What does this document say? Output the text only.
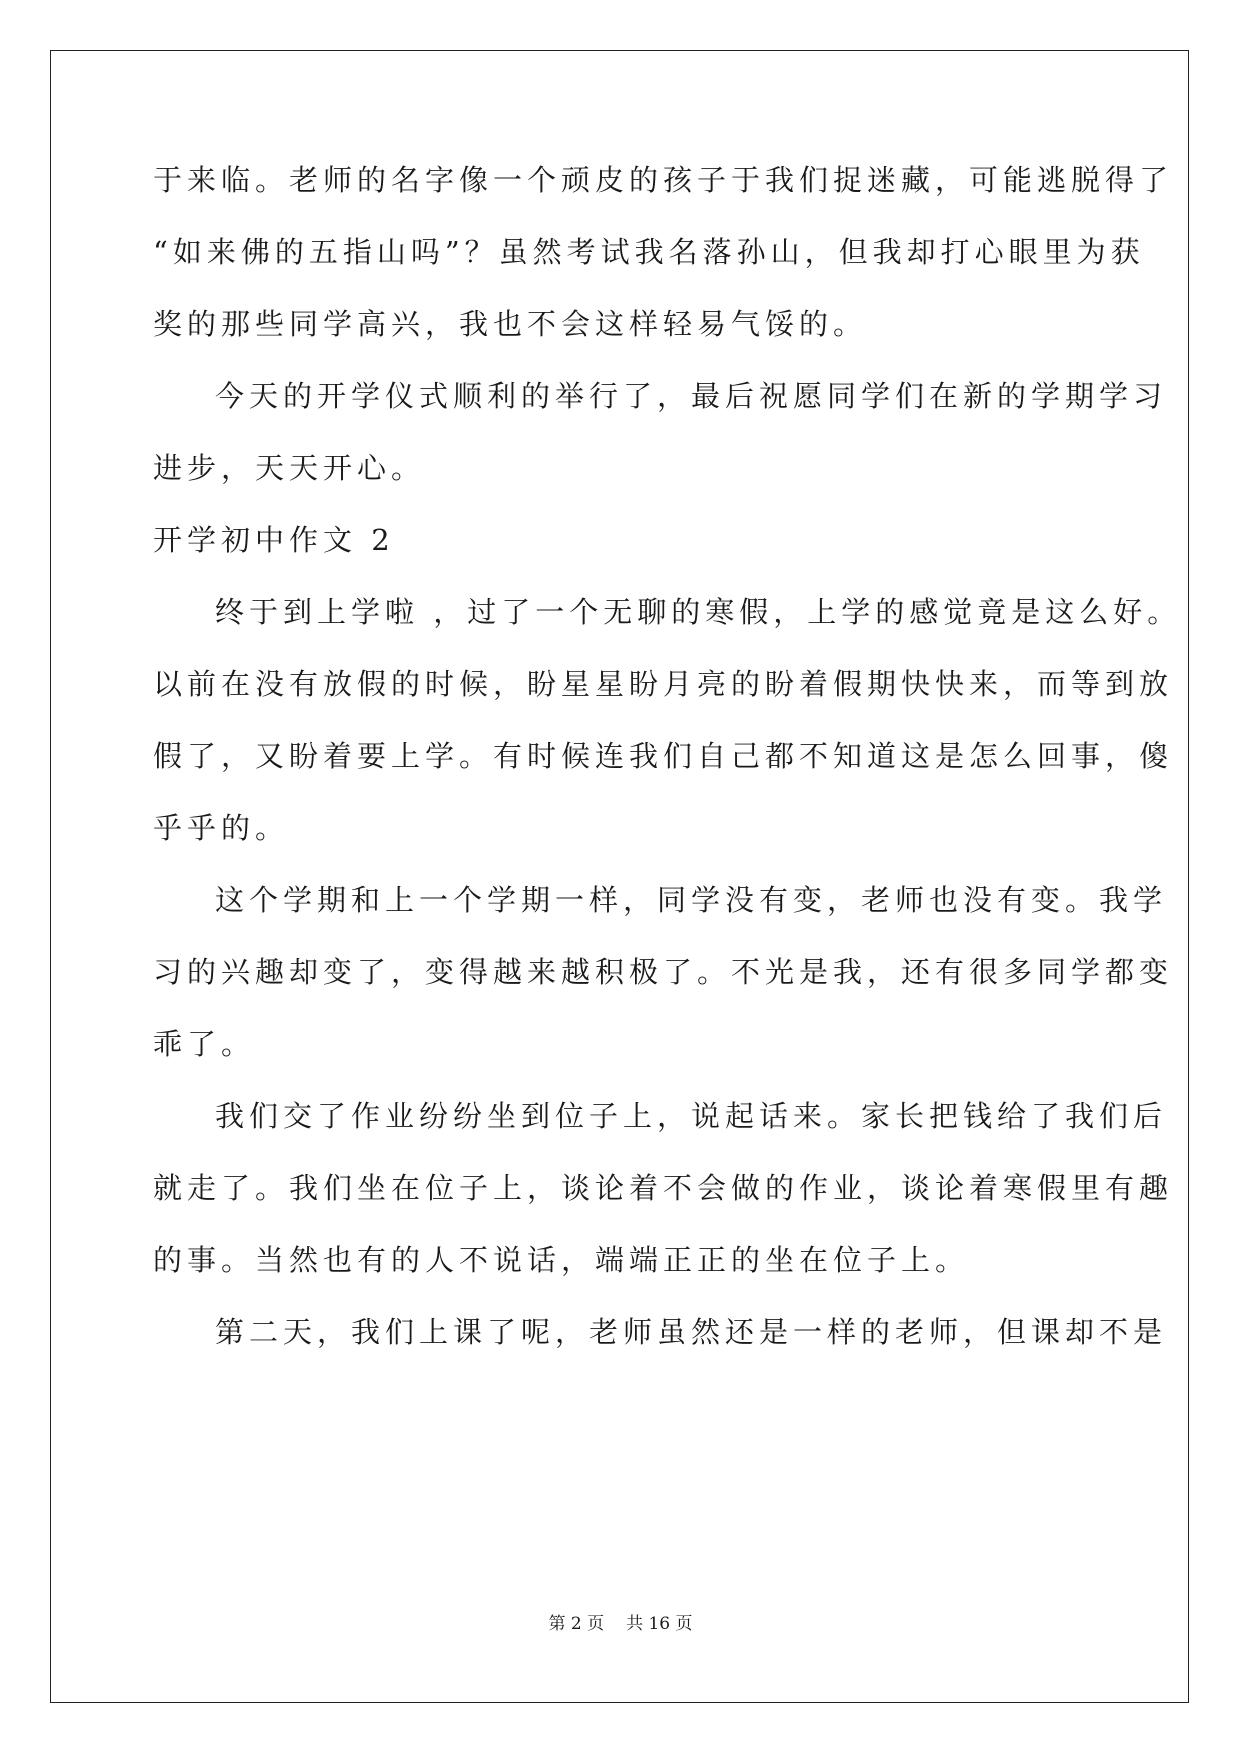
于来临。老师的名字像一个顽皮的孩子于我们捉迷藏，可能逃脱得了
“如来佛的五指山吗”？虽然考试我名落孙山，但我却打心眼里为获
奖的那些同学高兴，我也不会这样轻易气馁的。
今天的开学仪式顺利的举行了，最后祝愿同学们在新的学期学习
进步，天天开心。
开学初中作文 2
终于到上学啦 ，过了一个无聊的寒假，上学的感觉竟是这么好。
以前在没有放假的时候，盼星星盼月亮的盼着假期快快来，而等到放
假了，又盼着要上学。有时候连我们自己都不知道这是怎么回事，傻
乎乎的。
这个学期和上一个学期一样，同学没有变，老师也没有变。我学
习的兴趣却变了，变得越来越积极了。不光是我，还有很多同学都变
乖了。
我们交了作业纷纷坐到位子上，说起话来。家长把钱给了我们后
就走了。我们坐在位子上，谈论着不会做的作业，谈论着寒假里有趣
的事。当然也有的人不说话，端端正正的坐在位子上。
第二天，我们上课了呢，老师虽然还是一样的老师，但课却不是
第 2 页 共 16 页
